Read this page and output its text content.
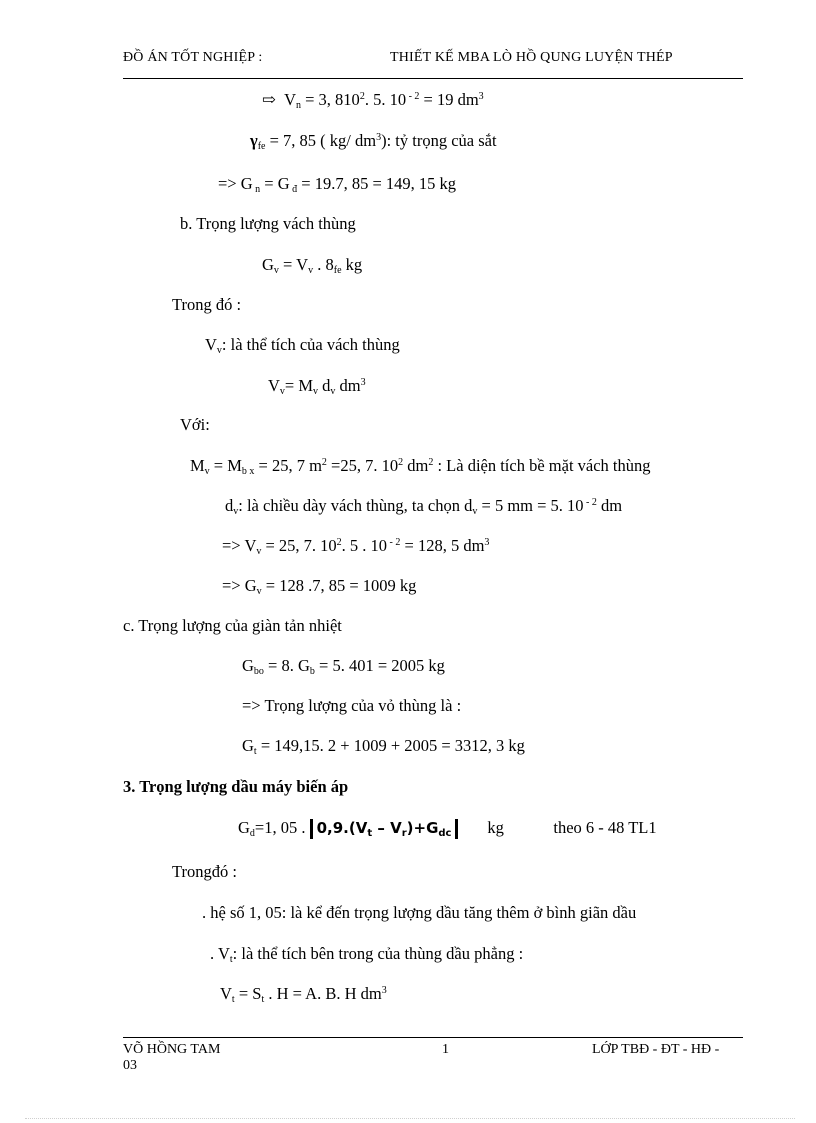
ĐỒ ÁN TỐT NGHIỆP :	THIẾT KẾ MBA LÒ HỒ QUNG LUYỆN THÉP
⇨ $V_n = 3$, $810^2$. 5. 10 $^{- 2}$ = 19 $dm^3$
$\gamma_{fe} = 7$, 85 ( kg/ $dm^3$): tỷ trọng của sắt
=> G $_n$ = G $_đ$ = 19.7, 85 = 149, 15 kg
b. Trọng lượng vách thùng
$G_v = V_v$ . $8_{fe}$ kg
Trong đó :
$V_v$: là thể tích của vách thùng
$V_v= M_v$ $d_v$ $dm^3$
Với:
$M_v = M_{b x} = 25$, 7 $m^2 =25$, 7. $10^2$ $dm^2$ : Là diện tích bề mặt vách thùng
$d_v$: là chiều dày vách thùng, ta chọn $d_v = 5$ mm = 5. 10 $^{- 2}$ dm
=> $V_v = 25$, 7. $10^2$. 5 . 10 $^{- 2}$ = 128, 5 $dm^3$
=> $G_v = 128$ .7, 85 = 1009 kg
c. Trọng lượng của giàn tản nhiệt
$G_{bo} = 8$. $G_b = 5$. 401 = 2005 kg
=> Trọng lượng của vỏ thùng là :
$G_t = 149,15$. 2 + 1009 + 2005 = 3312, 3 kg
3. Trọng lượng dầu máy biến áp
$G_d=1$, 05 . $0,9.(V_t - V_r)+G_{dc}$ kg	theo 6 - 48 TL1
Trongđó :
. hệ số 1, 05: là kể đến trọng lượng dầu tăng thêm ở bình giãn dầu
. $V_t$: là thể tích bên trong của thùng dầu phẳng :
$V_t = S_t$ . H = A. B. H $dm^3$
VÕ HỒNG TAM
03
1	LỚP TBĐ - ĐT - HĐ -
